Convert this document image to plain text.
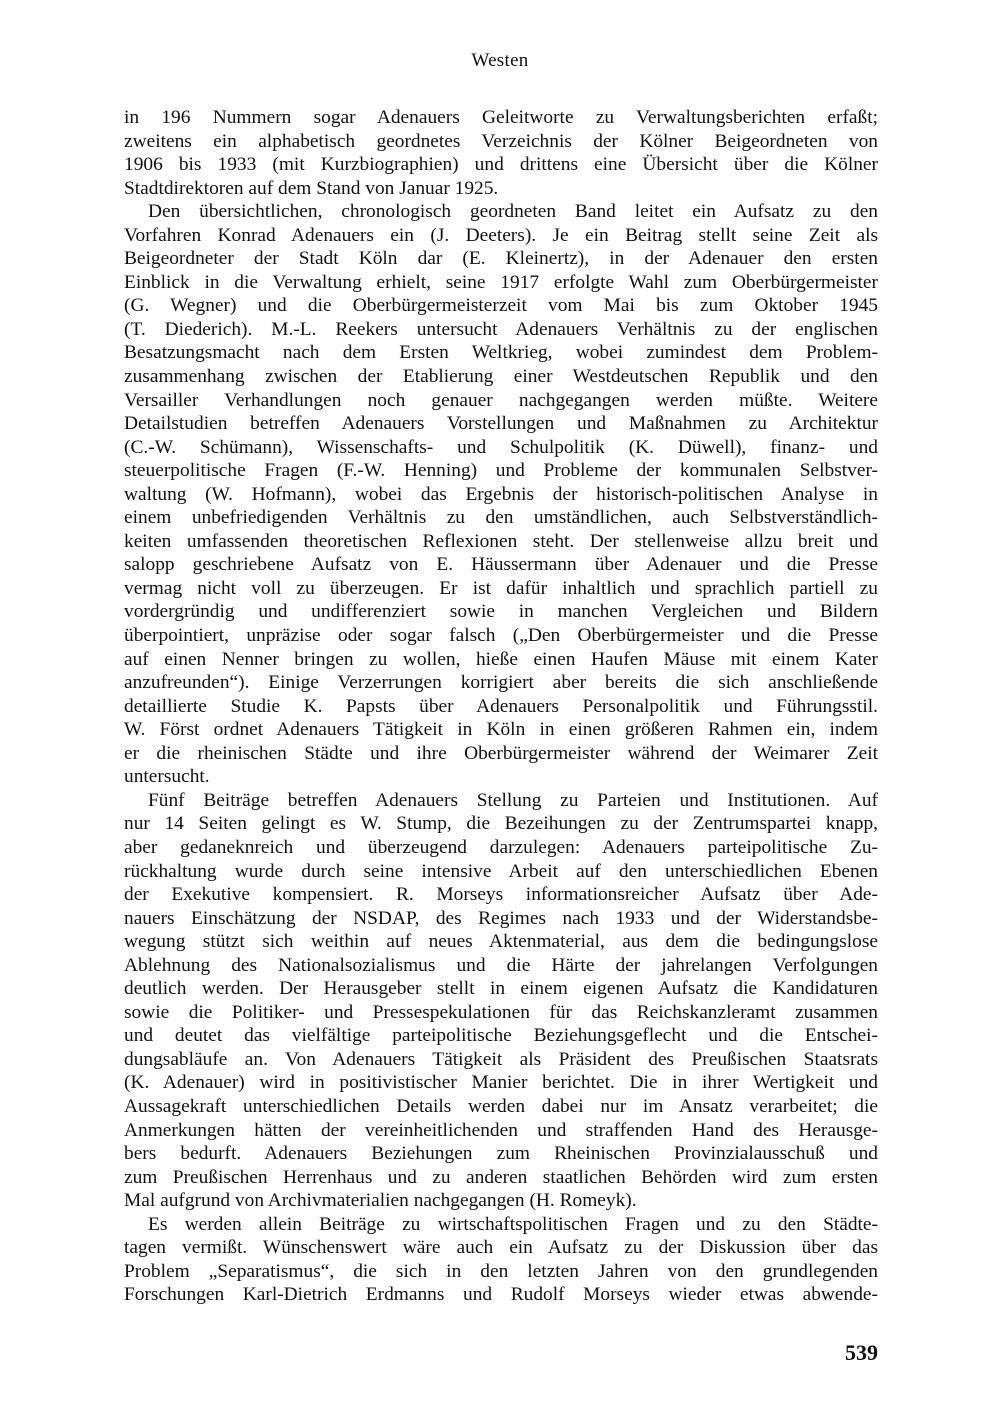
Westen
in 196 Nummern sogar Adenauers Geleitworte zu Verwaltungsberichten erfaßt;
zweitens ein alphabetisch geordnetes Verzeichnis der Kölner Beigeordneten von
1906 bis 1933 (mit Kurzbiographien) und drittens eine Übersicht über die Kölner
Stadtdirektoren auf dem Stand von Januar 1925.
Den übersichtlichen, chronologisch geordneten Band leitet ein Aufsatz zu den
Vorfahren Konrad Adenauers ein (J. Deeters). Je ein Beitrag stellt seine Zeit als
Beigeordneter der Stadt Köln dar (E. Kleinertz), in der Adenauer den ersten
Einblick in die Verwaltung erhielt, seine 1917 erfolgte Wahl zum Oberbürgermeister
(G. Wegner) und die Oberbürgermeisterzeit vom Mai bis zum Oktober 1945
(T. Diederich). M.-L. Reekers untersucht Adenauers Verhältnis zu der englischen
Besatzungsmacht nach dem Ersten Weltkrieg, wobei zumindest dem Problem-
zusammenhang zwischen der Etablierung einer Westdeutschen Republik und den
Versailler Verhandlungen noch genauer nachgegangen werden müßte. Weitere
Detailstudien betreffen Adenauers Vorstellungen und Maßnahmen zu Architektur
(C.-W. Schümann), Wissenschafts- und Schulpolitik (K. Düwell), finanz- und
steuerpolitische Fragen (F.-W. Henning) und Probleme der kommunalen Selbstver-
waltung (W. Hofmann), wobei das Ergebnis der historisch-politischen Analyse in
einem unbefriedigenden Verhältnis zu den umständlichen, auch Selbstverständlich-
keiten umfassenden theoretischen Reflexionen steht. Der stellenweise allzu breit und
salopp geschriebene Aufsatz von E. Häussermann über Adenauer und die Presse
vermag nicht voll zu überzeugen. Er ist dafür inhaltlich und sprachlich partiell zu
vordergründig und undifferenziert sowie in manchen Vergleichen und Bildern
überpointiert, unpräzise oder sogar falsch („Den Oberbürgermeister und die Presse
auf einen Nenner bringen zu wollen, hieße einen Haufen Mäuse mit einem Kater
anzufreunden“). Einige Verzerrungen korrigiert aber bereits die sich anschließende
detaillierte Studie K. Papsts über Adenauers Personalpolitik und Führungsstil.
W. Först ordnet Adenauers Tätigkeit in Köln in einen größeren Rahmen ein, indem
er die rheinischen Städte und ihre Oberbürgermeister während der Weimarer Zeit
untersucht.
Fünf Beiträge betreffen Adenauers Stellung zu Parteien und Institutionen. Auf
nur 14 Seiten gelingt es W. Stump, die Bezeihungen zu der Zentrumspartei knapp,
aber gedaneknreich und überzeugend darzulegen: Adenauers parteipolitische Zu-
rückhaltung wurde durch seine intensive Arbeit auf den unterschiedlichen Ebenen
der Exekutive kompensiert. R. Morseys informationsreicher Aufsatz über Ade-
nauers Einschätzung der NSDAP, des Regimes nach 1933 und der Widerstandsbe-
wegung stützt sich weithin auf neues Aktenmaterial, aus dem die bedingungslose
Ablehnung des Nationalsozialismus und die Härte der jahrelangen Verfolgungen
deutlich werden. Der Herausgeber stellt in einem eigenen Aufsatz die Kandidaturen
sowie die Politiker- und Pressespekulationen für das Reichskanzleramt zusammen
und deutet das vielfältige parteipolitische Beziehungsgeflecht und die Entschei-
dungsabläufe an. Von Adenauers Tätigkeit als Präsident des Preußischen Staatsrats
(K. Adenauer) wird in positivistischer Manier berichtet. Die in ihrer Wertigkeit und
Aussagekraft unterschiedlichen Details werden dabei nur im Ansatz verarbeitet; die
Anmerkungen hätten der vereinheitlichenden und straffenden Hand des Herausge-
bers bedurft. Adenauers Beziehungen zum Rheinischen Provinzialausschuß und
zum Preußischen Herrenhaus und zu anderen staatlichen Behörden wird zum ersten
Mal aufgrund von Archivmaterialien nachgegangen (H. Romeyk).
Es werden allein Beiträge zu wirtschaftspolitischen Fragen und zu den Städte-
tagen vermißt. Wünschenswert wäre auch ein Aufsatz zu der Diskussion über das
Problem „Separatismus“, die sich in den letzten Jahren von den grundlegenden
Forschungen Karl-Dietrich Erdmanns und Rudolf Morseys wieder etwas abwende-
539
